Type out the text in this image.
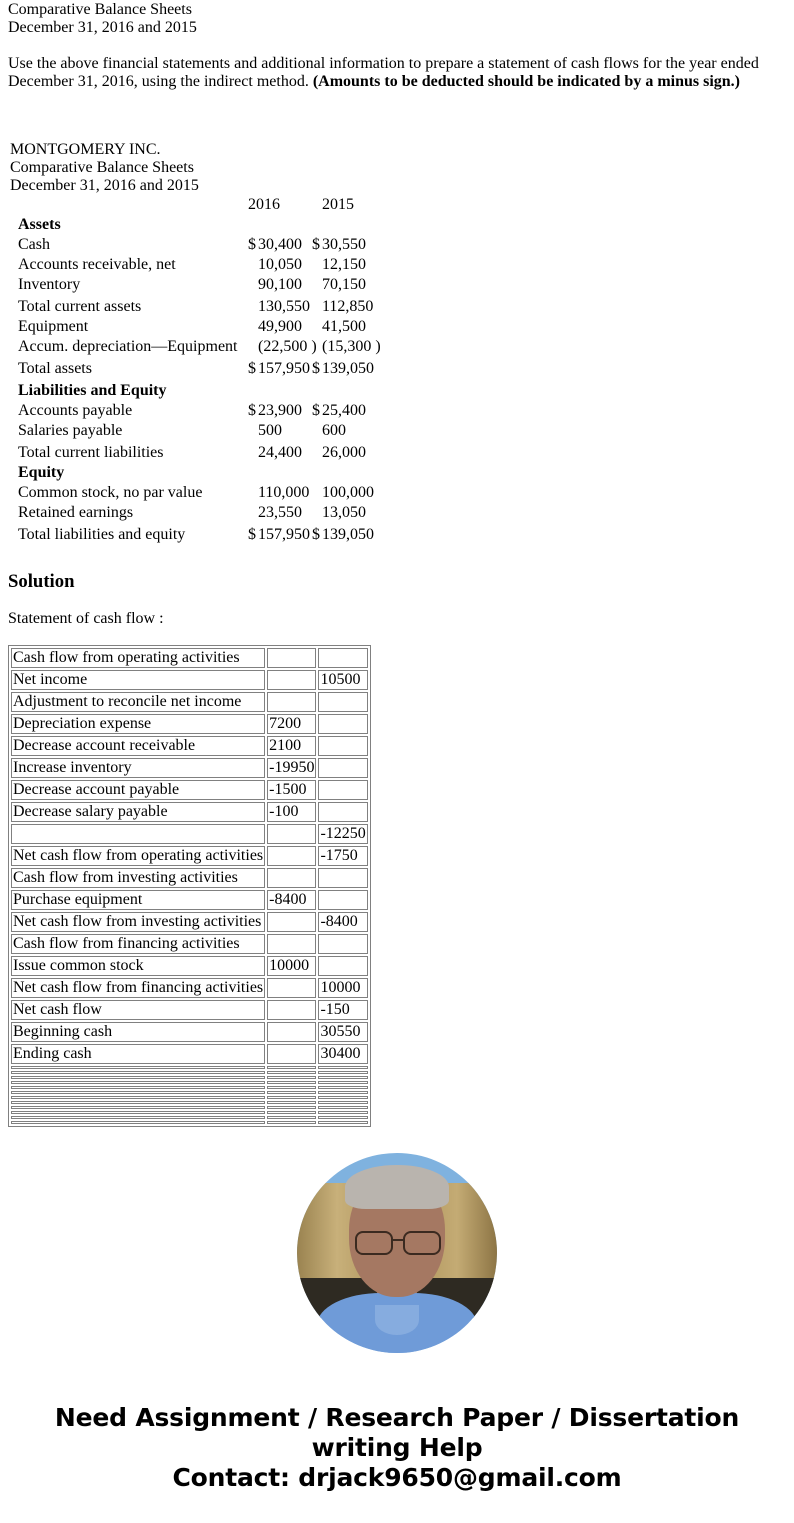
Comparative Balance Sheets
December 31, 2016 and 2015
Use the above financial statements and additional information to prepare a statement of cash flows for the year ended December 31, 2016, using the indirect method. (Amounts to be deducted should be indicated by a minus sign.)
MONTGOMERY INC.
Comparative Balance Sheets
December 31, 2016 and 2015
2016	2015
Assets
Cash	$ 30,400 $ 30,550
Accounts receivable, net	10,050	12,150
Inventory	90,100	70,150
Total current assets	130,550 112,850
Equipment	49,900	41,500
Accum. depreciation—Equipment	(22,500 ) (15,300 )
Total assets	$ 157,950 $ 139,050
Liabilities and Equity
Accounts payable	$ 23,900 $ 25,400
Salaries payable	500	600
Total current liabilities	24,400	26,000
Equity
Common stock, no par value	110,000 100,000
Retained earnings	23,550	13,050
Total liabilities and equity	$ 157,950 $ 139,050
Solution
Statement of cash flow :
Cash flow from operating activities		
Net income		10500
Adjustment to reconcile net income		
Depreciation expense	7200	
Decrease account receivable	2100	
Increase inventory	-19950	
Decrease account payable	-1500	
Decrease salary payable	-100	
		-12250
Net cash flow from operating activities		-1750
Cash flow from investing activities		
Purchase equipment	-8400	
Net cash flow from investing activities		-8400
Cash flow from financing activities		
Issue common stock	10000	
Net cash flow from financing activities		10000
Net cash flow		-150
Beginning cash		30550
Ending cash		30400

Need Assignment / Research Paper / Dissertation
writing Help
Contact: drjack9650@gmail.com
